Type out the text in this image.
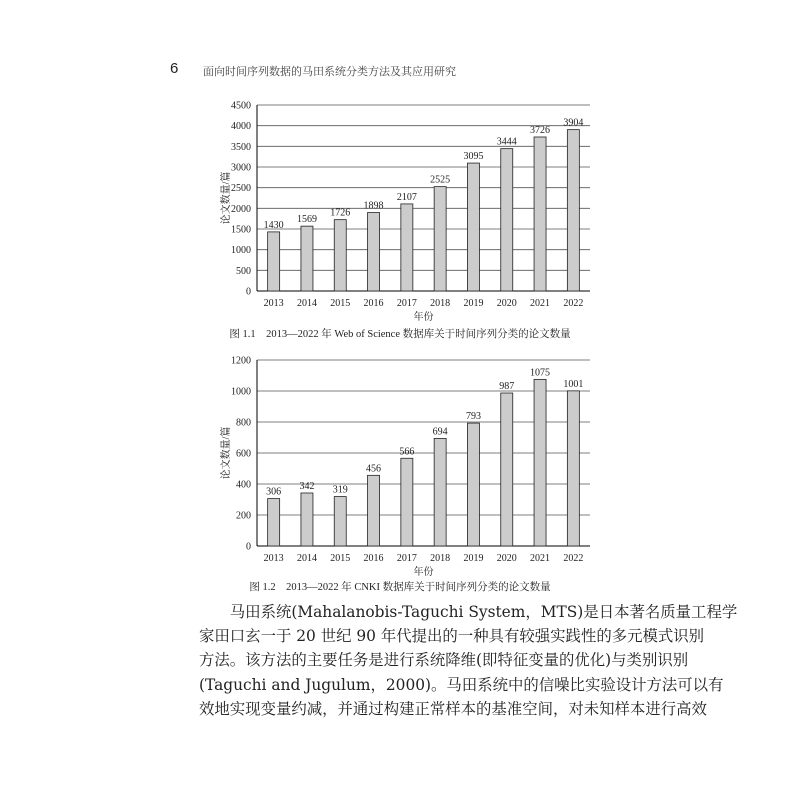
6 面向时间序列数据的马田系统分类方法及其应用研究
0
500
1000
1500
2000
2500
3000
3500
4000
4500
1430
2013
1569
2014
1726
2015
1898
2016
2107
2017
2525
2018
3095
2019
3444
2020
3726
2021
3904
2022
年份
论文数量/篇
0
200
400
600
800
1000
1200
306
2013
342
2014
319
2015
456
2016
566
2017
694
2018
793
2019
987
2020
1075
2021
1001
2022
年份
论文数量/篇
图 1.1　2013—2022 年 Web of Science 数据库关于时间序列分类的论文数量
图 1.2　2013—2022 年 CNKI 数据库关于时间序列分类的论文数量
　　马田系统(Mahalanobis-Taguchi System，MTS)是日本著名质量工程学
家田口玄一于 20 世纪 90 年代提出的一种具有较强实践性的多元模式识别
方法。该方法的主要任务是进行系统降维(即特征变量的优化)与类别识别
(Taguchi and Jugulum，2000)。马田系统中的信噪比实验设计方法可以有
效地实现变量约减，并通过构建正常样本的基准空间，对未知样本进行高效
